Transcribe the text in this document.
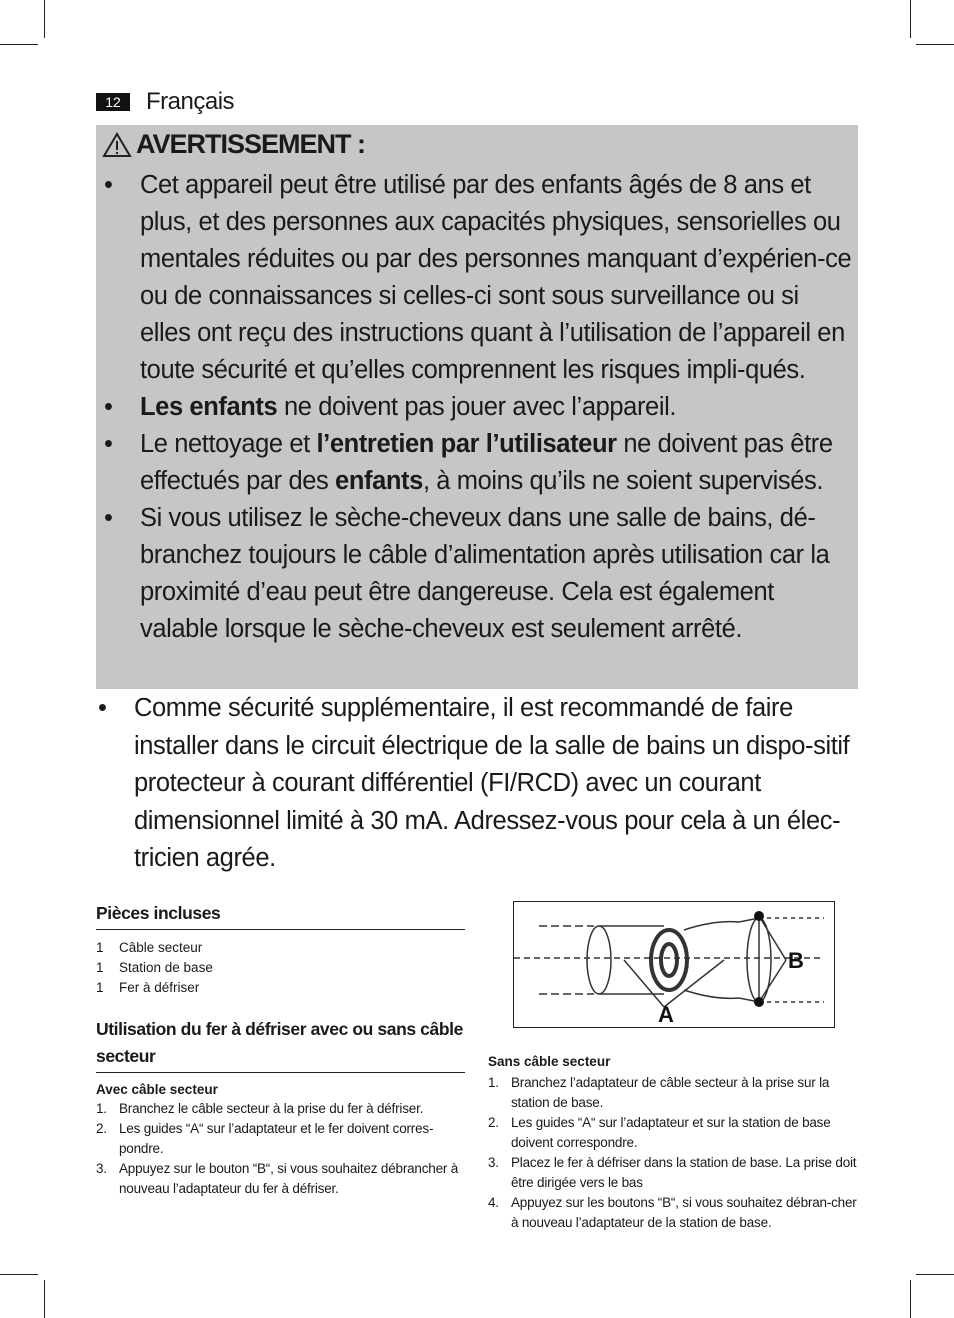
12	Français
AVERTISSEMENT :
• Cet appareil peut être utilisé par des enfants âgés de 8 ans et plus, et des personnes aux capacités physiques, sensorielles ou mentales réduites ou par des personnes manquant d’expérien-ce ou de connaissances si celles-ci sont sous surveillance ou si elles ont reçu des instructions quant à l’utilisation de l’appareil en toute sécurité et qu’elles comprennent les risques impli-qués.
• Les enfants ne doivent pas jouer avec l’appareil.
• Le nettoyage et l’entretien par l’utilisateur ne doivent pas être effectués par des enfants, à moins qu’ils ne soient supervisés.
• Si vous utilisez le sèche-cheveux dans une salle de bains, dé-branchez toujours le câble d’alimentation après utilisation car la proximité d’eau peut être dangereuse. Cela est également valable lorsque le sèche-cheveux est seulement arrêté.
• Comme sécurité supplémentaire, il est recommandé de faire installer dans le circuit électrique de la salle de bains un dispo-sitif protecteur à courant différentiel (FI/RCD) avec un courant dimensionnel limité à 30 mA. Adressez-vous pour cela à un élec-tricien agrée.
Pièces incluses
1	Câble secteur
1	Station de base
1	Fer à défriser
Utilisation du fer à défriser avec ou sans câble secteur
Avec câble secteur
1. Branchez le câble secteur à la prise du fer à défriser.
2. Les guides “A“ sur l’adaptateur et le fer doivent corres-pondre.
3. Appuyez sur le bouton “B“, si vous souhaitez débrancher à nouveau l’adaptateur du fer à défriser.
B
A
Sans câble secteur
1. Branchez l’adaptateur de câble secteur à la prise sur la station de base.
2. Les guides “A“ sur l’adaptateur et sur la station de base doivent correspondre.
3. Placez le fer à défriser dans la station de base. La prise doit être dirigée vers le bas
4. Appuyez sur les boutons “B“, si vous souhaitez débran-cher à nouveau l’adaptateur de la station de base.
